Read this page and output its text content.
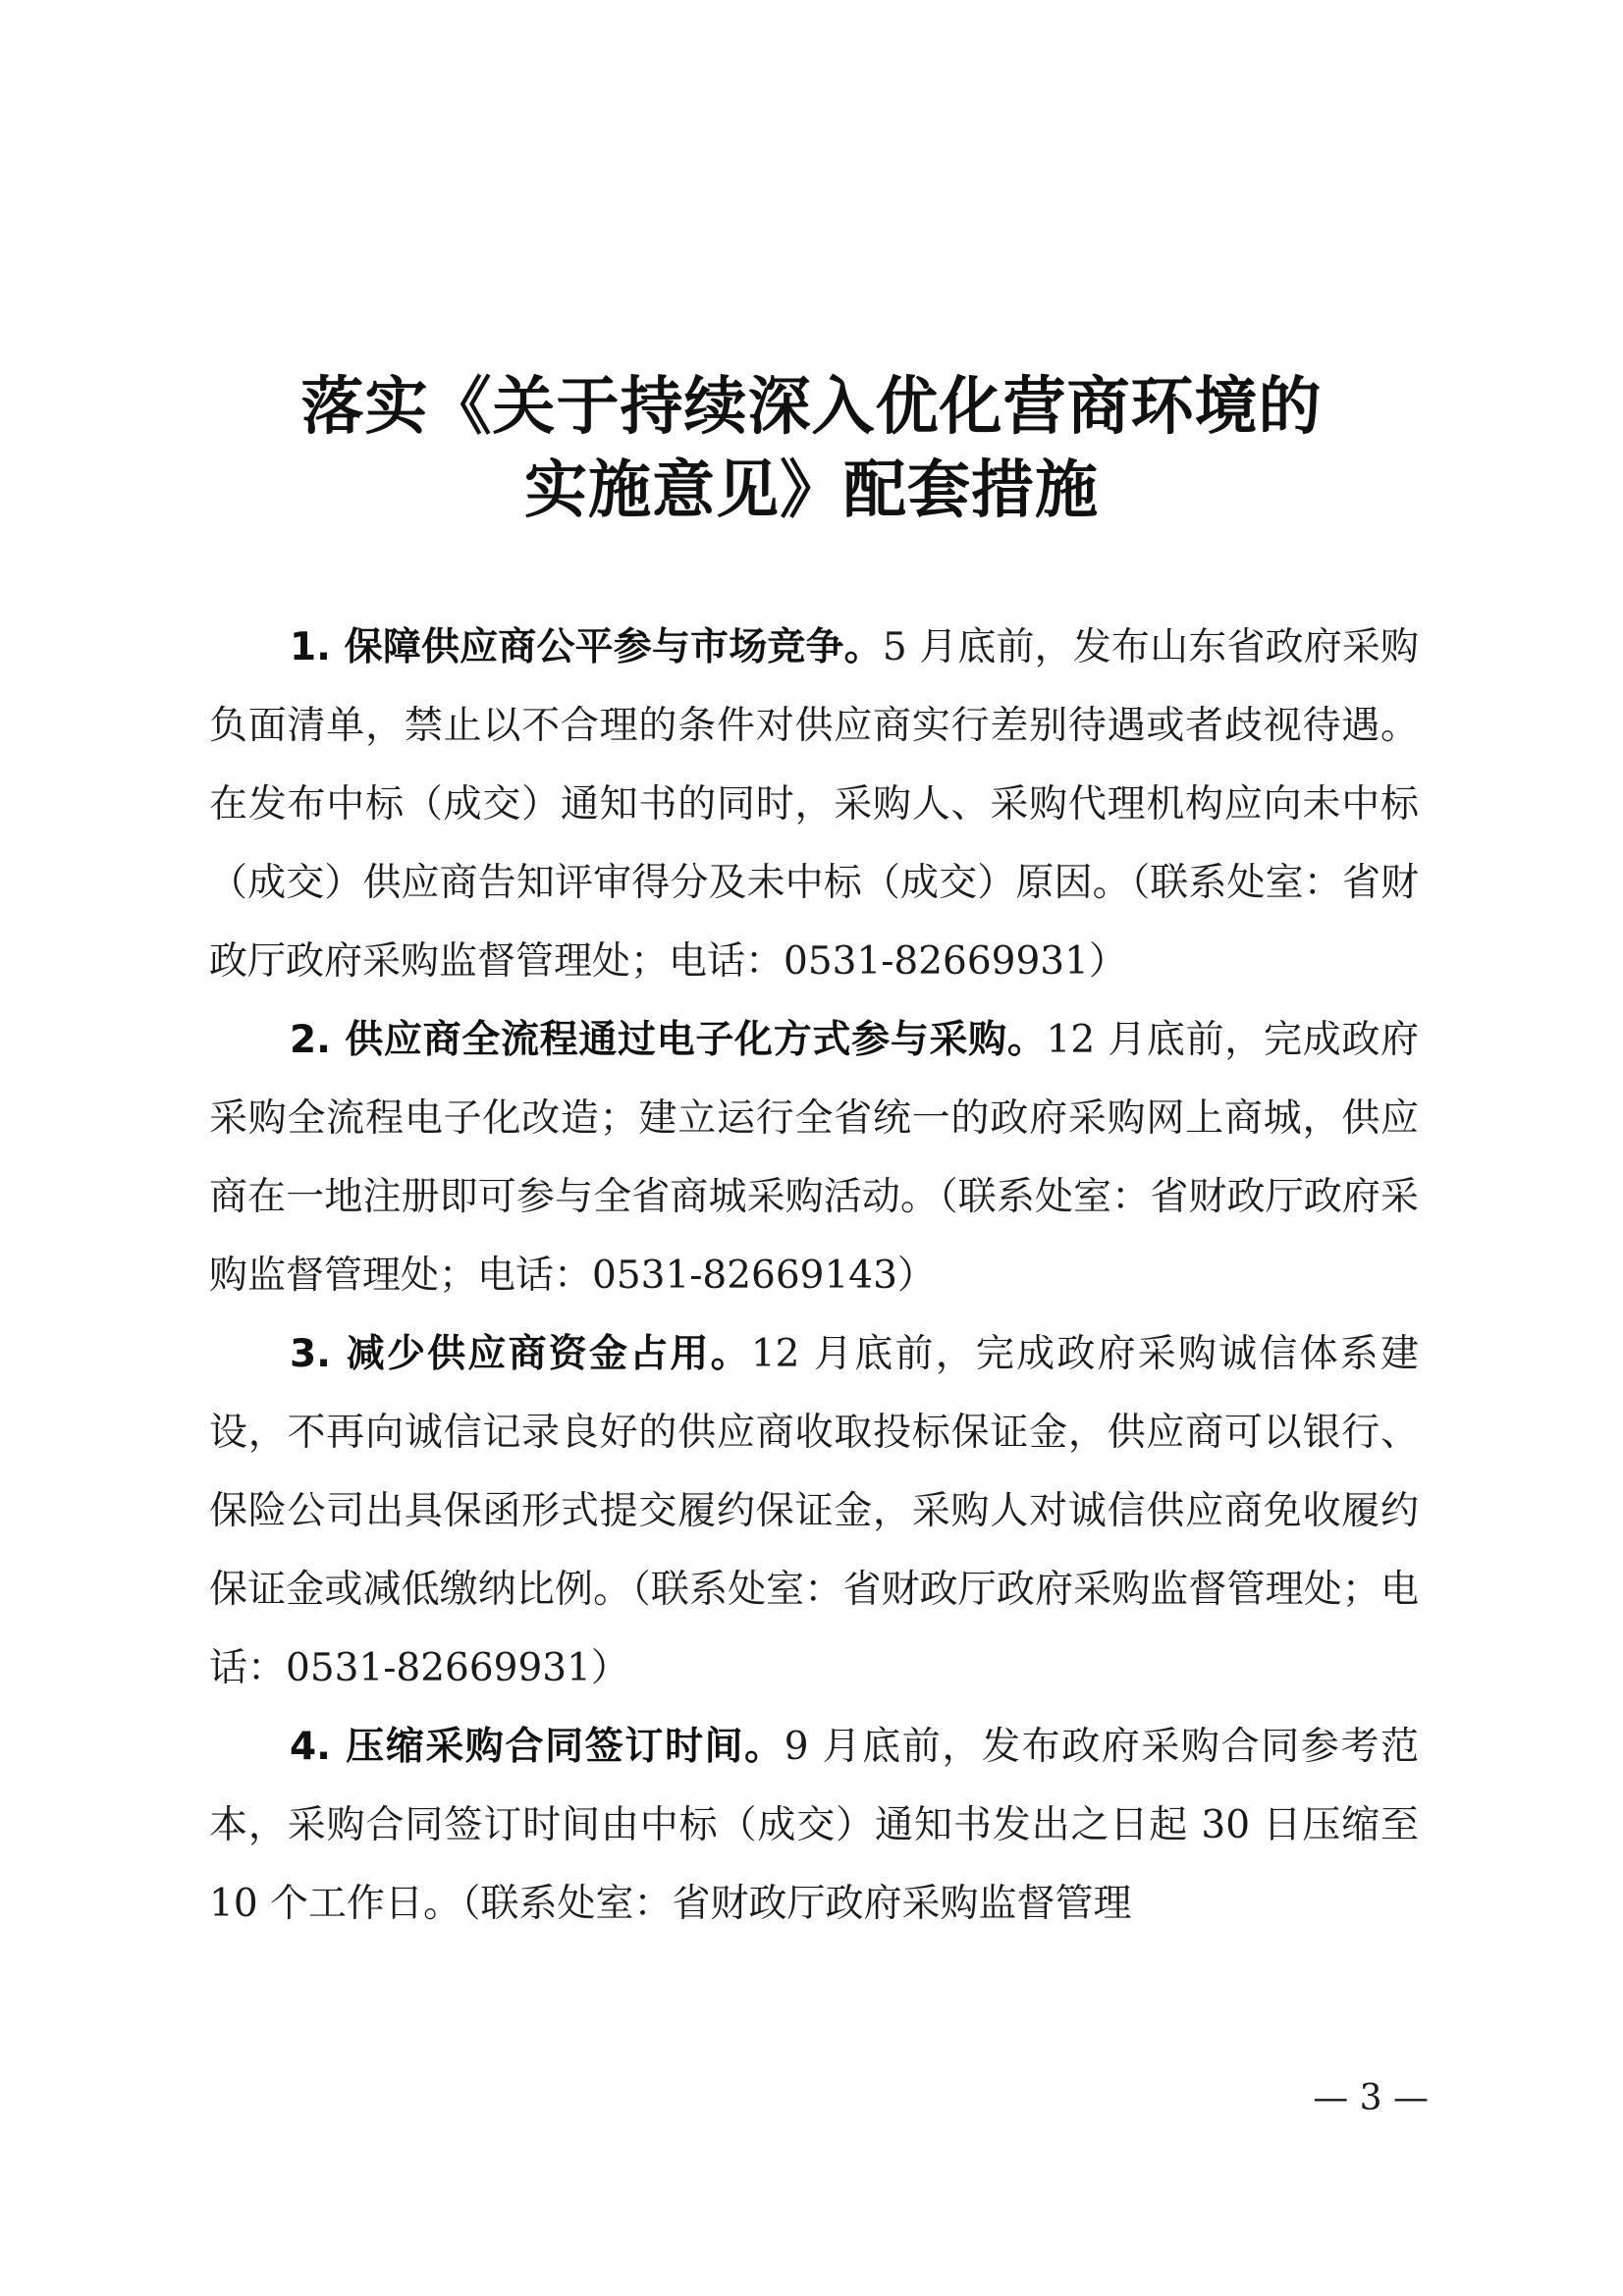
落实《关于持续深入优化营商环境的
实施意见》配套措施

1. 保障供应商公平参与市场竞争。5 月底前，发布山东省政府采购负面清单，禁止以不合理的条件对供应商实行差别待遇或者歧视待遇。在发布中标（成交）通知书的同时，采购人、采购代理机构应向未中标（成交）供应商告知评审得分及未中标（成交）原因。（联系处室：省财政厅政府采购监督管理处；电话：0531-82669931）

2. 供应商全流程通过电子化方式参与采购。12 月底前，完成政府采购全流程电子化改造；建立运行全省统一的政府采购网上商城，供应商在一地注册即可参与全省商城采购活动。（联系处室：省财政厅政府采购监督管理处；电话：0531-82669143）

3. 减少供应商资金占用。12 月底前，完成政府采购诚信体系建设，不再向诚信记录良好的供应商收取投标保证金，供应商可以银行、保险公司出具保函形式提交履约保证金，采购人对诚信供应商免收履约保证金或减低缴纳比例。（联系处室：省财政厅政府采购监督管理处；电话：0531-82669931）

4. 压缩采购合同签订时间。9 月底前，发布政府采购合同参考范本，采购合同签订时间由中标（成交）通知书发出之日起 30 日压缩至 10 个工作日。（联系处室：省财政厅政府采购监督管理

— 3 —
